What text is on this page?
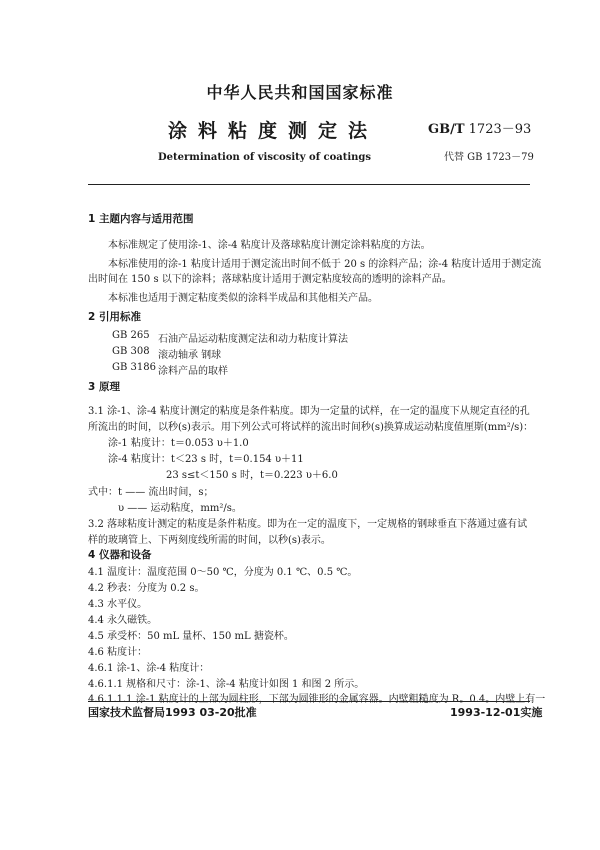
中华人民共和国国家标准
涂料粘度测定法	GB/T 1723－93
Determination of viscosity of coatings	代替 GB 1723－79
1 主题内容与适用范围
本标准规定了使用涂-1、涂-4 粘度计及落球粘度计测定涂料粘度的方法。
本标准使用的涂-1 粘度计适用于测定流出时间不低于 20 s 的涂料产品；涂-4 粘度计适用于测定流
出时间在 150 s 以下的涂料；落球粘度计适用于测定粘度较高的透明的涂料产品。
本标准也适用于测定粘度类似的涂料半成品和其他相关产品。
2 引用标准
GB 265 石油产品运动粘度测定法和动力粘度计算法
GB 308 滚动轴承 钢球
GB 3186 涂料产品的取样
3 原理
3.1 涂-1、涂-4 粘度计测定的粘度是条件粘度。即为一定量的试样，在一定的温度下从规定直径的孔
所流出的时间，以秒(s)表示。用下列公式可将试样的流出时间秒(s)换算成运动粘度值厘斯(mm²/s)：
涂-1 粘度计：t＝0.053 υ＋1.0
涂-4 粘度计：t＜23 s 时，t＝0.154 υ＋11
23 s≤t＜150 s 时，t＝0.223 υ＋6.0
式中：t —— 流出时间，s；
υ —— 运动粘度，mm²/s。
3.2 落球粘度计测定的粘度是条件粘度。即为在一定的温度下，一定规格的钢球垂直下落通过盛有试
样的玻璃管上、下两刻度线所需的时间，以秒(s)表示。
4 仪器和设备
4.1 温度计：温度范围 0～50 ℃，分度为 0.1 ℃、0.5 ℃。
4.2 秒表：分度为 0.2 s。
4.3 水平仪。
4.4 永久磁铁。
4.5 承受杯：50 mL 量杯、150 mL 搪瓷杯。
4.6 粘度计：
4.6.1 涂-1、涂-4 粘度计：
4.6.1.1 规格和尺寸：涂-1、涂-4 粘度计如图 1 和图 2 所示。
4.6.1.1.1 涂-1 粘度计的上部为圆柱形，下部为圆锥形的金属容器。内壁粗糙度为 R。0.4。内壁上有一
国家技术监督局1993 03-20批准	1993-12-01实施
